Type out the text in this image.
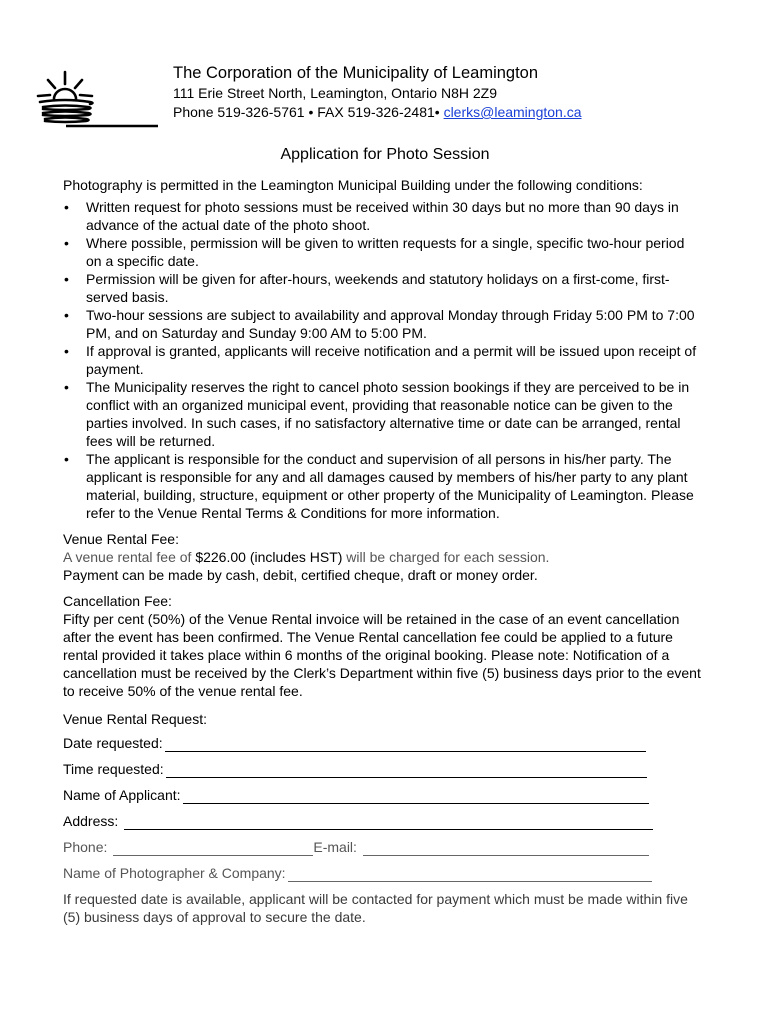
The Corporation of the Municipality of Leamington
111 Erie Street North, Leamington, Ontario N8H 2Z9
Phone 519-326-5761 • FAX 519-326-2481• clerks@leamington.ca
Application for Photo Session

Photography is permitted in the Leamington Municipal Building under the following conditions:

• Written request for photo sessions must be received within 30 days but no more than 90 days in advance of the actual date of the photo shoot.
• Where possible, permission will be given to written requests for a single, specific two-hour period on a specific date.
• Permission will be given for after-hours, weekends and statutory holidays on a first-come, first-served basis.
• Two-hour sessions are subject to availability and approval Monday through Friday 5:00 PM to 7:00 PM, and on Saturday and Sunday 9:00 AM to 5:00 PM.
• If approval is granted, applicants will receive notification and a permit will be issued upon receipt of payment.
• The Municipality reserves the right to cancel photo session bookings if they are perceived to be in conflict with an organized municipal event, providing that reasonable notice can be given to the parties involved. In such cases, if no satisfactory alternative time or date can be arranged, rental fees will be returned.
• The applicant is responsible for the conduct and supervision of all persons in his/her party. The applicant is responsible for any and all damages caused by members of his/her party to any plant material, building, structure, equipment or other property of the Municipality of Leamington. Please refer to the Venue Rental Terms & Conditions for more information.
Venue Rental Fee:
A venue rental fee of $226.00 (includes HST) will be charged for each session.
Payment can be made by cash, debit, certified cheque, draft or money order.
Cancellation Fee:
Fifty per cent (50%) of the Venue Rental invoice will be retained in the case of an event cancellation after the event has been confirmed. The Venue Rental cancellation fee could be applied to a future rental provided it takes place within 6 months of the original booking. Please note: Notification of a cancellation must be received by the Clerk’s Department within five (5) business days prior to the event to receive 50% of the venue rental fee.
Venue Rental Request:
Date requested:
Time requested:
Name of Applicant:
Address:
Phone:	E-mail:
Name of Photographer & Company:
If requested date is available, applicant will be contacted for payment which must be made within five (5) business days of approval to secure the date.
